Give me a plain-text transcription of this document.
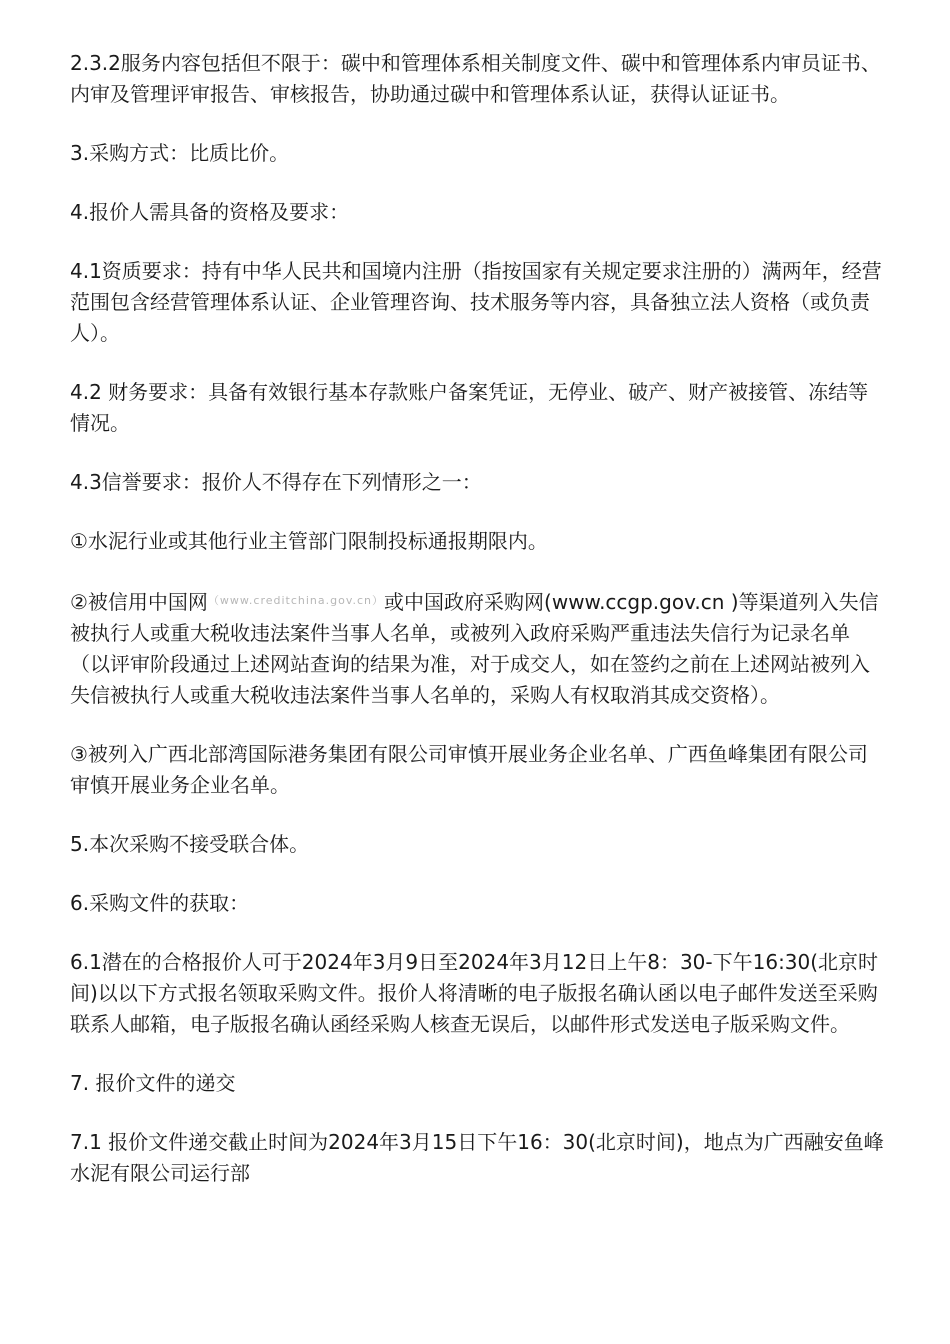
2.3.2服务内容包括但不限于：碳中和管理体系相关制度文件、碳中和管理体系内审员证书、内审及管理评审报告、审核报告，协助通过碳中和管理体系认证，获得认证证书。

3.采购方式：比质比价。

4.报价人需具备的资格及要求：

4.1资质要求：持有中华人民共和国境内注册（指按国家有关规定要求注册的）满两年，经营范围包含经营管理体系认证、企业管理咨询、技术服务等内容，具备独立法人资格（或负责人）。

4.2 财务要求：具备有效银行基本存款账户备案凭证，无停业、破产、财产被接管、冻结等情况。

4.3信誉要求：报价人不得存在下列情形之一：

①水泥行业或其他行业主管部门限制投标通报期限内。

②被信用中国网$^{(www.creditchina.gov.cn)}$或中国政府采购网(www.ccgp.gov.cn )等渠道列入失信被执行人或重大税收违法案件当事人名单，或被列入政府采购严重违法失信行为记录名单（以评审阶段通过上述网站查询的结果为准，对于成交人，如在签约之前在上述网站被列入失信被执行人或重大税收违法案件当事人名单的，采购人有权取消其成交资格）。

③被列入广西北部湾国际港务集团有限公司审慎开展业务企业名单、广西鱼峰集团有限公司审慎开展业务企业名单。

5.本次采购不接受联合体。

6.采购文件的获取：

6.1潜在的合格报价人可于2024年3月9日至2024年3月12日上午8：30-下午16:30(北京时间)以以下方式报名领取采购文件。报价人将清晰的电子版报名确认函以电子邮件发送至采购联系人邮箱，电子版报名确认函经采购人核查无误后，以邮件形式发送电子版采购文件。

7. 报价文件的递交

7.1 报价文件递交截止时间为2024年3月15日下午16：30(北京时间)，地点为广西融安鱼峰水泥有限公司运行部
